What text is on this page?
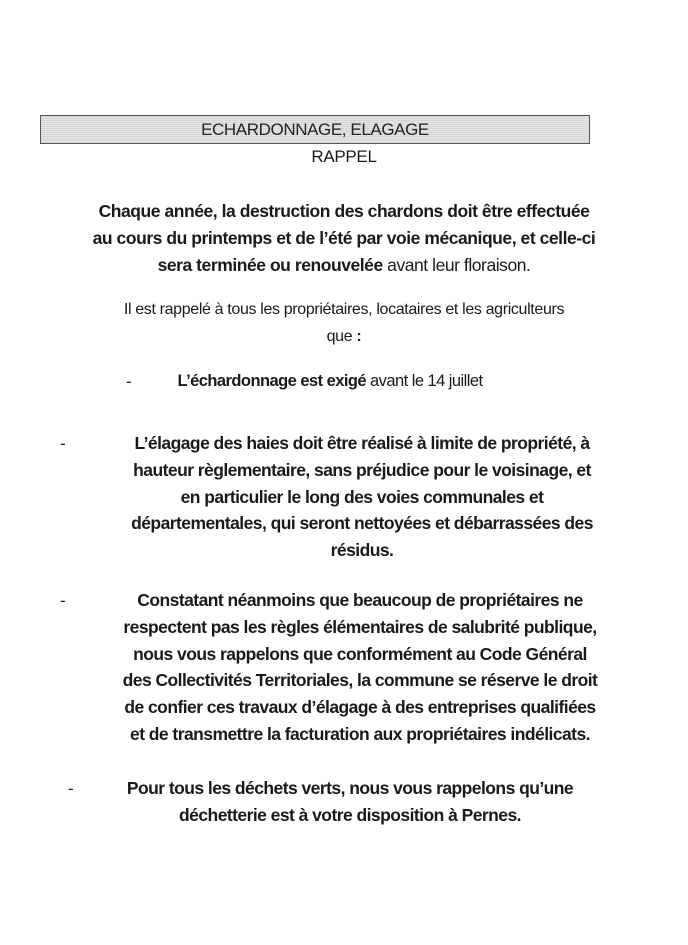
ECHARDONNAGE, ELAGAGE
RAPPEL
Chaque année, la destruction des chardons doit être effectuée
au cours du printemps et de l’été par voie mécanique, et celle-ci
sera terminée ou renouvelée avant leur floraison.
Il est rappelé à tous les propriétaires, locataires et les agriculteurs
que :
-	L’échardonnage est exigé avant le 14 juillet
-	L’élagage des haies doit être réalisé à limite de propriété, à
hauteur règlementaire, sans préjudice pour le voisinage, et
en particulier le long des voies communales et
départementales, qui seront nettoyées et débarrassées des
résidus.
-	Constatant néanmoins que beaucoup de propriétaires ne
respectent pas les règles élémentaires de salubrité publique,
nous vous rappelons que conformément au Code Général
des Collectivités Territoriales, la commune se réserve le droit
de confier ces travaux d’élagage à des entreprises qualifiées
et de transmettre la facturation aux propriétaires indélicats.
-	Pour tous les déchets verts, nous vous rappelons qu’une
déchetterie est à votre disposition à Pernes.
